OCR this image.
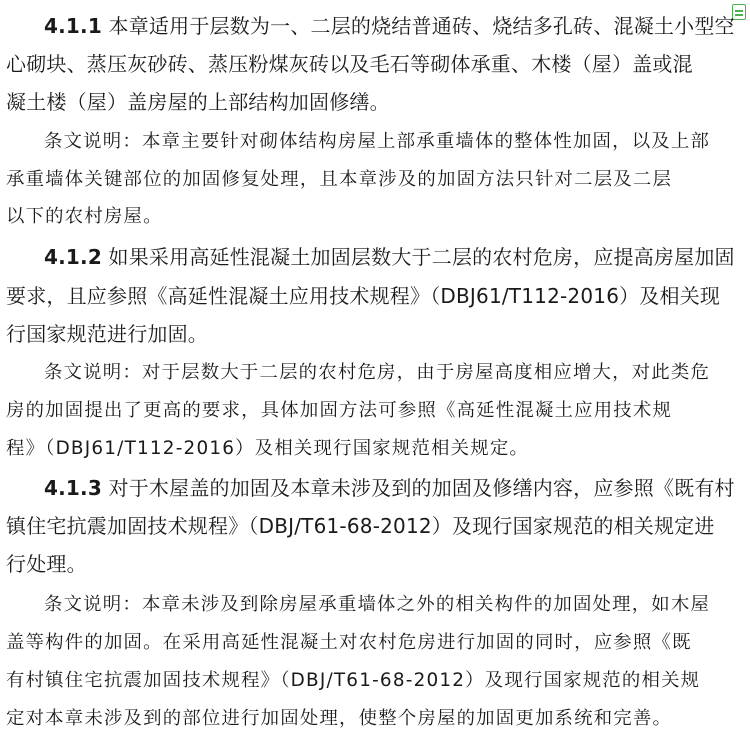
4.1.1 本章适用于层数为一、二层的烧结普通砖、烧结多孔砖、混凝土小型空
心砌块、蒸压灰砂砖、蒸压粉煤灰砖以及毛石等砌体承重、木楼（屋）盖或混
凝土楼（屋）盖房屋的上部结构加固修缮。
条文说明：本章主要针对砌体结构房屋上部承重墙体的整体性加固，以及上部
承重墙体关键部位的加固修复处理，且本章涉及的加固方法只针对二层及二层
以下的农村房屋。
4.1.2 如果采用高延性混凝土加固层数大于二层的农村危房，应提高房屋加固
要求，且应参照《高延性混凝土应用技术规程》（DBJ61/T112-2016）及相关现
行国家规范进行加固。
条文说明：对于层数大于二层的农村危房，由于房屋高度相应增大，对此类危
房的加固提出了更高的要求，具体加固方法可参照《高延性混凝土应用技术规
程》（DBJ61/T112-2016）及相关现行国家规范相关规定。
4.1.3 对于木屋盖的加固及本章未涉及到的加固及修缮内容，应参照《既有村
镇住宅抗震加固技术规程》（DBJ/T61-68-2012）及现行国家规范的相关规定进
行处理。
条文说明：本章未涉及到除房屋承重墙体之外的相关构件的加固处理，如木屋
盖等构件的加固。在采用高延性混凝土对农村危房进行加固的同时，应参照《既
有村镇住宅抗震加固技术规程》（DBJ/T61-68-2012）及现行国家规范的相关规
定对本章未涉及到的部位进行加固处理，使整个房屋的加固更加系统和完善。
